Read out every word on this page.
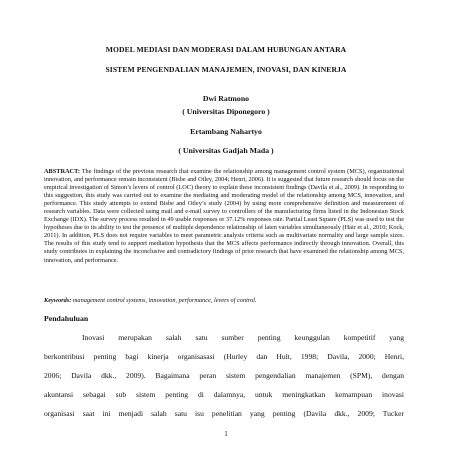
MODEL MEDIASI DAN MODERASI DALAM HUBUNGAN ANTARA
SISTEM PENGENDALIAN MANAJEMEN, INOVASI, DAN KINERJA
Dwi Ratmono
( Universitas Diponegoro )
Ertambang Nahartyo
( Universitas Gadjah Mada )

ABSTRACT: The findings of the previous research that examine the relationship among management control system (MCS), organizational innovation, and performance remain inconsistent (Bisbe and Otley, 2004; Henri, 2006). It is suggested that future research should focus on the empirical investigation of Simon’s levers of control (LOC) theory to explain these inconsistent findings (Davila et al., 2009). In responding to this suggestion, this study was carried out to examine the mediating and moderating model of the relationship among MCS, innovation, and performance. This study attempts to extend Bisbe and Otley’s study (2004) by using more comprehensive definition and measurement of research variables. Data were collected using mail and e-mail survey to controllers of the manufacturing firms listed in the Indonesian Stock Exchange (IDX). The survey process resulted in 49 usable responses or 37.12% responses rate. Partial Least Square (PLS) was used to test the hypotheses due to its ability to test the presence of multiple dependence relationship of laten variables simultaneously (Hair et al., 2010; Kock, 2011). In addition, PLS does not require variables to meet parametric analysis criteria such as multivariate normality and large sample sizes. The results of this study tend to support mediation hypothesis that the MCS affects performance indirectly through innovation. Overall, this study contributes in explaining the inconclusive and contradictory findings of prior research that have examined the relationship among MCS, innovation, and performance.

Keywords: management control systems, innovation, performance, levers of control.
Pendahuluan
Inovasi merupakan salah satu sumber penting keunggulan kompetitif yang
berkontribusi penting bagi kinerja organisasasi (Hurley dan Hult, 1998; Davila, 2000; Henri,
2006; Davila dkk., 2009). Bagaimana peran sistem pengendalian manajemen (SPM), dengan
akuntansi sebagai sub sistem penting di dalamnya, untuk meningkatkan kemampuan inovasi
organisasi saat ini menjadi salah satu isu penelitian yang penting (Davila dkk., 2009; Tucker
1
